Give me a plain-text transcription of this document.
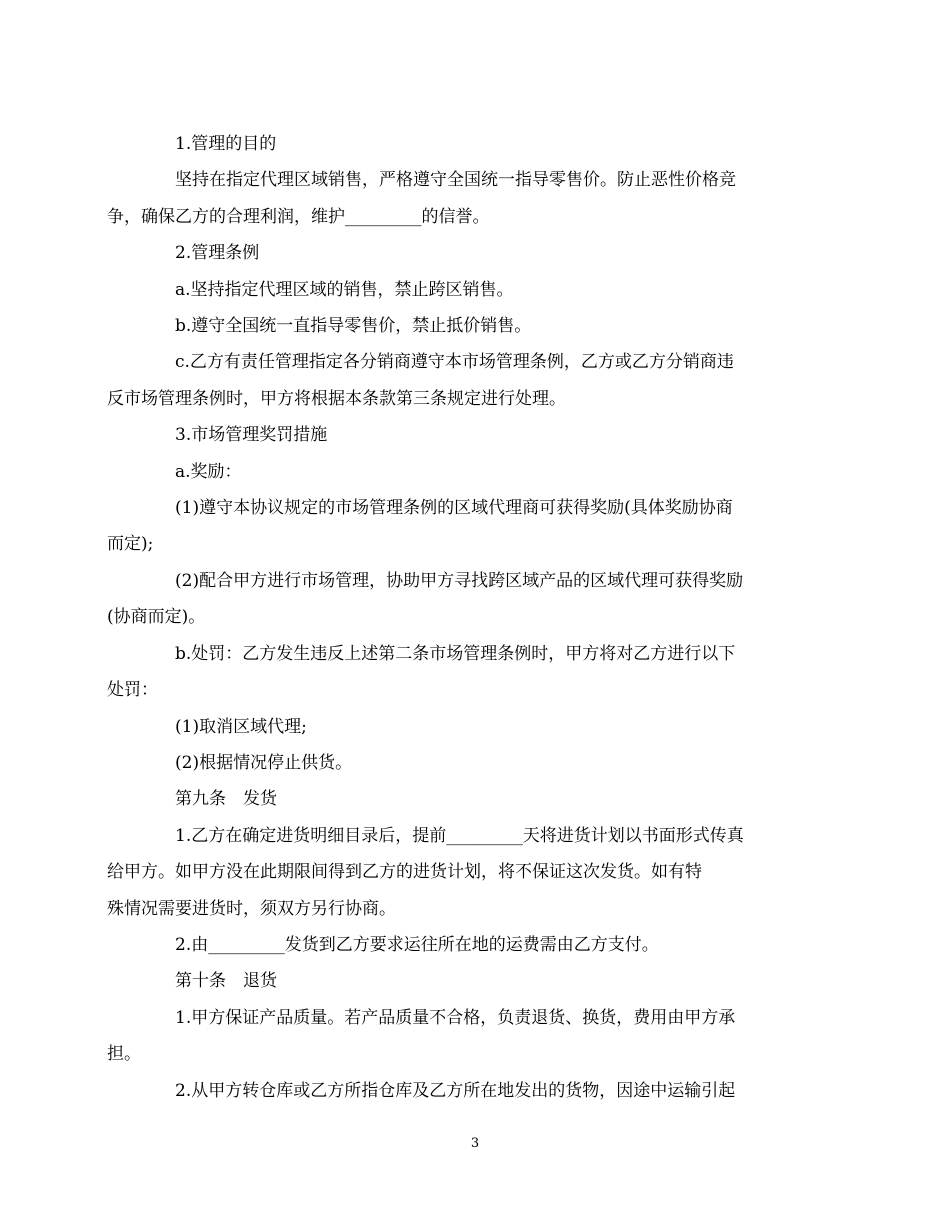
1.管理的目的
坚持在指定代理区域销售，严格遵守全国统一指导零售价。防止恶性价格竞
争，确保乙方的合理利润，维护_________的信誉。
2.管理条例
a.坚持指定代理区域的销售，禁止跨区销售。
b.遵守全国统一直指导零售价，禁止抵价销售。
c.乙方有责任管理指定各分销商遵守本市场管理条例，乙方或乙方分销商违
反市场管理条例时，甲方将根据本条款第三条规定进行处理。
3.市场管理奖罚措施
a.奖励：
(1)遵守本协议规定的市场管理条例的区域代理商可获得奖励(具体奖励协商
而定);
(2)配合甲方进行市场管理，协助甲方寻找跨区域产品的区域代理可获得奖励
(协商而定)。
b.处罚：乙方发生违反上述第二条市场管理条例时，甲方将对乙方进行以下
处罚：
(1)取消区域代理;
(2)根据情况停止供货。
第九条　发货
1.乙方在确定进货明细目录后，提前_________天将进货计划以书面形式传真
给甲方。如甲方没在此期限间得到乙方的进货计划，将不保证这次发货。如有特
殊情况需要进货时，须双方另行协商。
2.由_________发货到乙方要求运往所在地的运费需由乙方支付。
第十条　退货
1.甲方保证产品质量。若产品质量不合格，负责退货、换货，费用由甲方承
担。
2.从甲方转仓库或乙方所指仓库及乙方所在地发出的货物，因途中运输引起
3
